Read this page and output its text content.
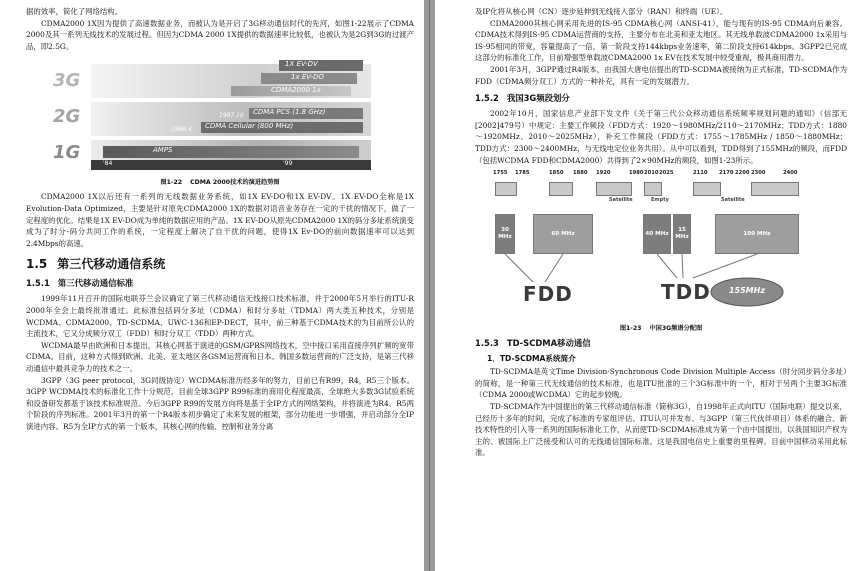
据的效率，简化了网络结构。

CDMA2000 1X因为提供了高速数据业务，而被认为是开启了3G移动通信时代的先河，如图1-22展示了CDMA 2000及其一系列无线技术的发展过程。但因为CDMA 2000 1X提供的数据速率比较低，也被认为是2G到3G的过渡产品，即2.5G。

3G
2G
1G
1X EV-DV
1x EV-DO
CDMA2000 1x
2000.10
CDMA PCS (1.8 GHz)
1997.10
CDMA Cellular (800 MHz)
1996.4
AMPS
'84	'99
图1-22 CDMA 2000技术的演进趋势图

CDMA2000 1X以后还有一系列的无线数据业务系统，如1X EV-DO和1X EV-DV。1X EV-DO全称是1X Evolution-Data Optimized，主要是针对原先CDMA2000 1X的数据对语音业务存在一定的干扰的情况下，做了一定程度的优化。结果是1X EV-DO成为单纯的数据应用的产品。1X EV-DO从原先CDMA2000 1X的码分多址系统演变成为了时分-码分共同工作的系统，一定程度上解决了自干扰的问题，使得1X Ev-DO的前向数据速率可以达到2.4Mbps的高速。

1.5 第三代移动通信系统
1.5.1 第三代移动通信标准

1999年11月召开的国际电联芬兰会议确定了第三代移动通信无线接口技术标准，并于2000年5月举行的ITU-R 2000年全会上最终批准通过。此标准包括码分多址（CDMA）和时分多址（TDMA）两大类五种技术，分别是WCDMA、CDMA2000、TD-SCDMA、UWC-136和EP-DECT，其中，前三种基于CDMA技术的为目前所公认的主流技术，它又分成频分双工（FDD）和时分双工（TDD）两种方式。

WCDMA最早由欧洲和日本提出，其核心网基于演进的GSM/GPRS网络技术，空中接口采用直接序列扩频的宽带CDMA。目前，这种方式得到欧洲、北美、亚太地区各GSM运营商和日本、韩国多数运营商的广泛支持，是第三代移动通信中最具竞争力的技术之一。

3GPP（3G peer protocol，3G同级协定）WCDMA标准历经多年的努力，目前已有R99，R4，R5三个版本。3GPP WCDMA技术的标准化工作十分规范，目前全球3GPP R99标准的商用化程度最高，全球绝大多数3G试验系统和设备研发都基于该技术标准规范。今后3GPP R99的发展方向将是基于全IP方式的网络架构，并将演进为R4、R5两个阶段的序列标准。2001年3月的第一个R4版本初步确定了未来发展的框架，部分功能进一步增强，并启动部分全IP演进内容。R5为全IP方式的第一个版本，其核心网的传输、控制和业务分离

及IP化将从核心网（CN）逐步延伸到无线接入部分（RAN）和终端（UE）。

CDMA2000其核心网采用先进的IS-95 CDMA核心网（ANSI-41），能与现有的IS-95 CDMA向后兼容。CDMA技术得到IS-95 CDMA运营商的支持，主要分布在北美和亚太地区。其无线单载波CDMA2000 1x采用与IS-95相同的带宽，容量提高了一倍，第一阶段支持144kbps业务速率，第二阶段支持614kbps。3GPP2已完成这部分的标准化工作，目前增强型单载波CDMA2000 1x EV在技术发展中较受重视，极具商用潜力。

2001年3月，3GPP通过R4版本，由我国大唐电信提出的TD-SCDMA被接纳为正式标准，TD-SCDMA作为FDD（CDMA频分双工）方式的一种补充，具有一定的发展潜力。

1.5.2 我国3G频段划分

2002年10月，国家信息产业部下发文件《关于第三代公众移动通信系统频率规划问题的通知》（信部无[2002]479号）中规定：主要工作频段（FDD方式：1920～1980MHz/2110～2170MHz；TDD方式：1880～1920MHz、2010～2025MHz），补充工作频段（FDD方式：1755～1785MHz / 1850～1880MHz；TDD方式：2300～2400MHz，与无线电定位业务共用）。从中可以看到，TDD得到了155MHz的频段，而FDD（包括WCDMA FDD和CDMA2000）共得到了2×90MHz的频段，如图1-23所示。

1755 1785	1850 1880 1920	1980 2010 2025	2110 2170 2200 2300	2400
Satellite	Empty	Satellite
30 MHz
60 MHz	40 MHz
15 MHz
100 MHz
FDD	TDD	155MHz
图1-23 中国3G频谱分配图
1.5.3 TD-SCDMA移动通信
1．TD-SCDMA系统简介

TD-SCDMA是英文Time Division-Synchronous Code Division Multiple Access（时分同步码分多址）的简称，是一种第三代无线通信的技术标准，也是ITU批准的三个3G标准中的一个，相对于另两个主要3G标准（CDMA 2000或WCDMA）它的起步较晚。

TD-SCDMA作为中国提出的第三代移动通信标准（简称3G），自1998年正式向ITU（国际电联）提交以来，已经历十多年的时间，完成了标准的专家组评估、ITU认可并发布、与3GPP（第三代伙伴项目）体系的融合、新技术特性的引入等一系列的国际标准化工作，从而使TD-SCDMA标准成为第一个由中国提出，以我国知识产权为主的、被国际上广泛接受和认可的无线通信国际标准。这是我国电信史上重要的里程碑。目前中国移动采用此标准。
